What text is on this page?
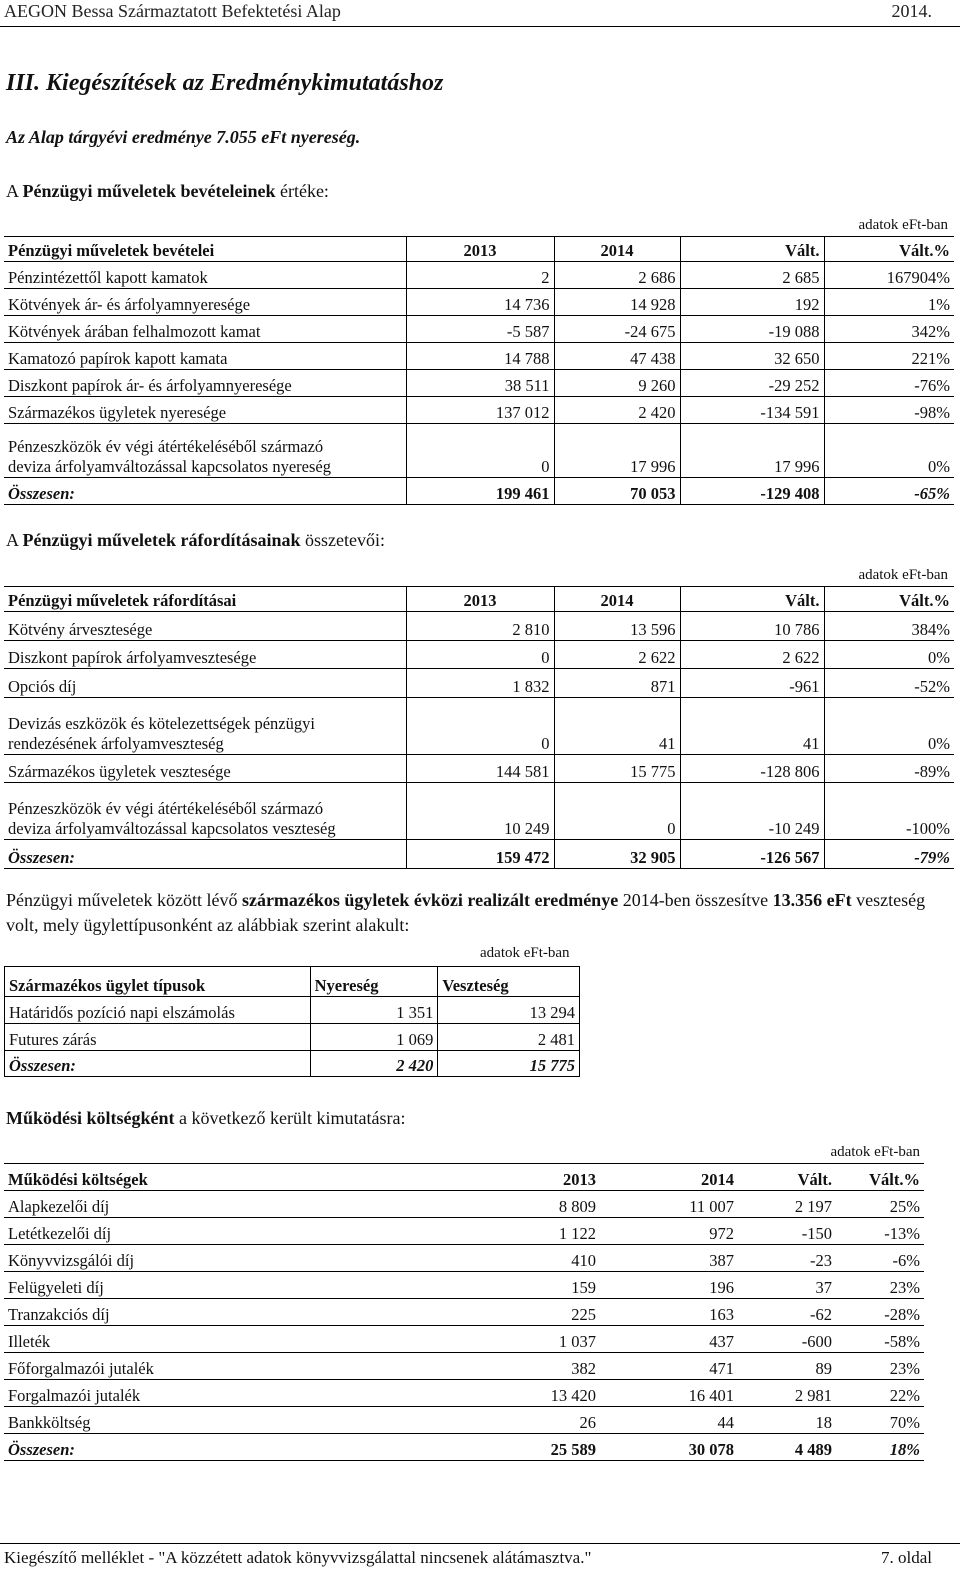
AEGON Bessa Származtatott Befektetési Alap	2014.
III. Kiegészítések az Eredménykimutatáshoz
Az Alap tárgyévi eredménye 7.055 eFt nyereség.
A Pénzügyi műveletek bevételeinek értéke:
adatok eFt-ban
Pénzügyi műveletek bevételei	2013	2014	Vált.	Vált.%
Pénzintézettől kapott kamatok	2	2 686	2 685	167904%
Kötvények ár- és árfolyamnyeresége	14 736	14 928	192	1%
Kötvények árában felhalmozott kamat	-5 587	-24 675	-19 088	342%
Kamatozó papírok kapott kamata	14 788	47 438	32 650	221%
Diszkont papírok ár- és árfolyamnyeresége	38 511	9 260	-29 252	-76%
Származékos ügyletek nyeresége	137 012	2 420	-134 591	-98%
Pénzeszközök év végi átértékeléséből származó
deviza árfolyamváltozással kapcsolatos nyereség	0	17 996	17 996	0%
Összesen:	199 461	70 053	-129 408	-65%
A Pénzügyi műveletek ráfordításainak összetevői:
adatok eFt-ban
Pénzügyi műveletek ráfordításai	2013	2014	Vált.	Vált.%
Kötvény árvesztesége	2 810	13 596	10 786	384%
Diszkont papírok árfolyamvesztesége	0	2 622	2 622	0%
Opciós díj	1 832	871	-961	-52%
Devizás eszközök és kötelezettségek pénzügyi
rendezésének árfolyamveszteség	0	41	41	0%
Származékos ügyletek vesztesége	144 581	15 775	-128 806	-89%
Pénzeszközök év végi átértékeléséből származó
deviza árfolyamváltozással kapcsolatos veszteség	10 249	0	-10 249	-100%
Összesen:	159 472	32 905	-126 567	-79%
Pénzügyi műveletek között lévő származékos ügyletek évközi realizált eredménye 2014-ben összesítve 13.356 eFt veszteség volt, mely ügylettípusonként az alábbiak szerint alakult:
adatok eFt-ban
Származékos ügylet típusok	Nyereség	Veszteség
Határidős pozíció napi elszámolás	1 351	13 294
Futures zárás	1 069	2 481
Összesen:	2 420	15 775
Működési költségként a következő került kimutatásra:
adatok eFt-ban
Működési költségek	2013	2014	Vált.	Vált.%
Alapkezelői díj	8 809	11 007	2 197	25%
Letétkezelői díj	1 122	972	-150	-13%
Könyvvizsgálói díj	410	387	-23	-6%
Felügyeleti díj	159	196	37	23%
Tranzakciós díj	225	163	-62	-28%
Illeték	1 037	437	-600	-58%
Főforgalmazói jutalék	382	471	89	23%
Forgalmazói jutalék	13 420	16 401	2 981	22%
Bankköltség	26	44	18	70%
Összesen:	25 589	30 078	4 489	18%
Kiegészítő melléklet - "A közzétett adatok könyvvizsgálattal nincsenek alátámasztva."	7. oldal
